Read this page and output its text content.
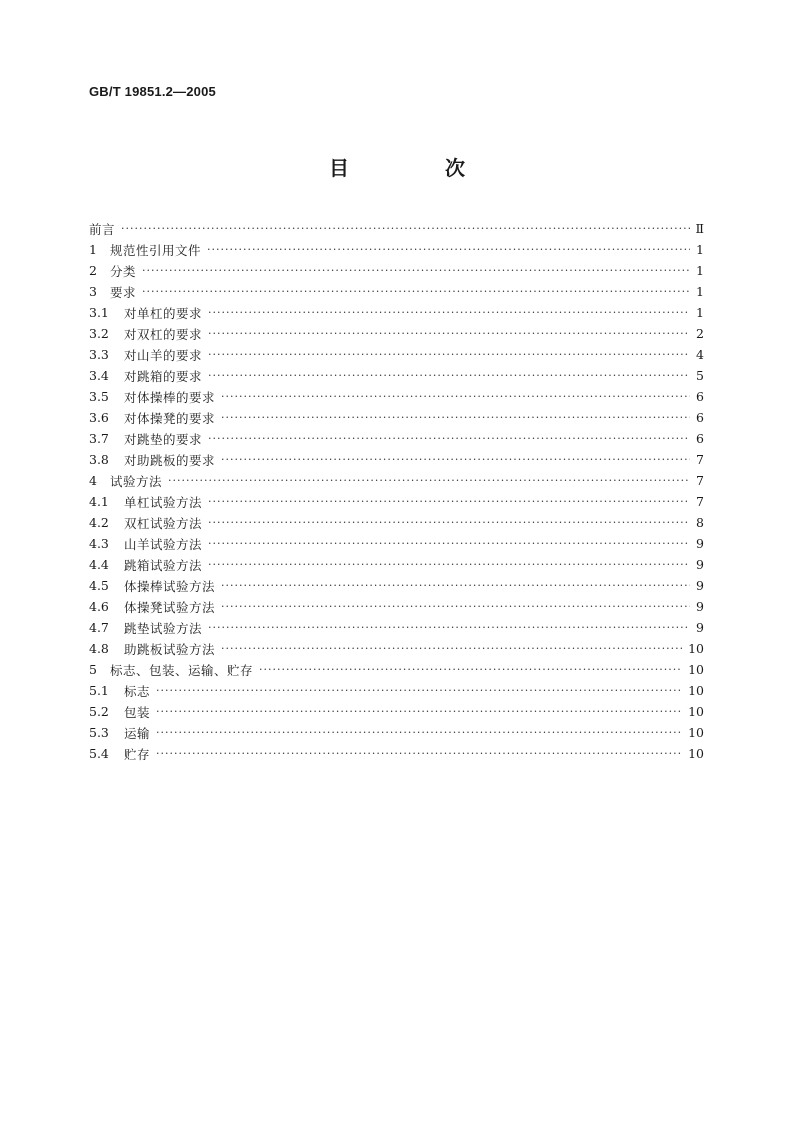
GB/T 19851.2—2005
目　次
前言 ·····	Ⅱ
1	规范性引用文件 ·····	1
2	分类 ·····	1
3	要求 ·····	1
3.1	对单杠的要求 ·····	1
3.2	对双杠的要求 ·····	2
3.3	对山羊的要求 ·····	4
3.4	对跳箱的要求 ·····	5
3.5	对体操棒的要求 ·····	6
3.6	对体操凳的要求 ·····	6
3.7	对跳垫的要求 ·····	6
3.8	对助跳板的要求 ·····	7
4	试验方法 ·····	7
4.1	单杠试验方法 ·····	7
4.2	双杠试验方法 ·····	8
4.3	山羊试验方法 ·····	9
4.4	跳箱试验方法 ·····	9
4.5	体操棒试验方法 ·····	9
4.6	体操凳试验方法 ·····	9
4.7	跳垫试验方法 ·····	9
4.8	助跳板试验方法 ·····	10
5	标志、包装、运输、贮存 ·····	10
5.1	标志 ·····	10
5.2	包装 ·····	10
5.3	运输 ·····	10
5.4	贮存 ·····	10
